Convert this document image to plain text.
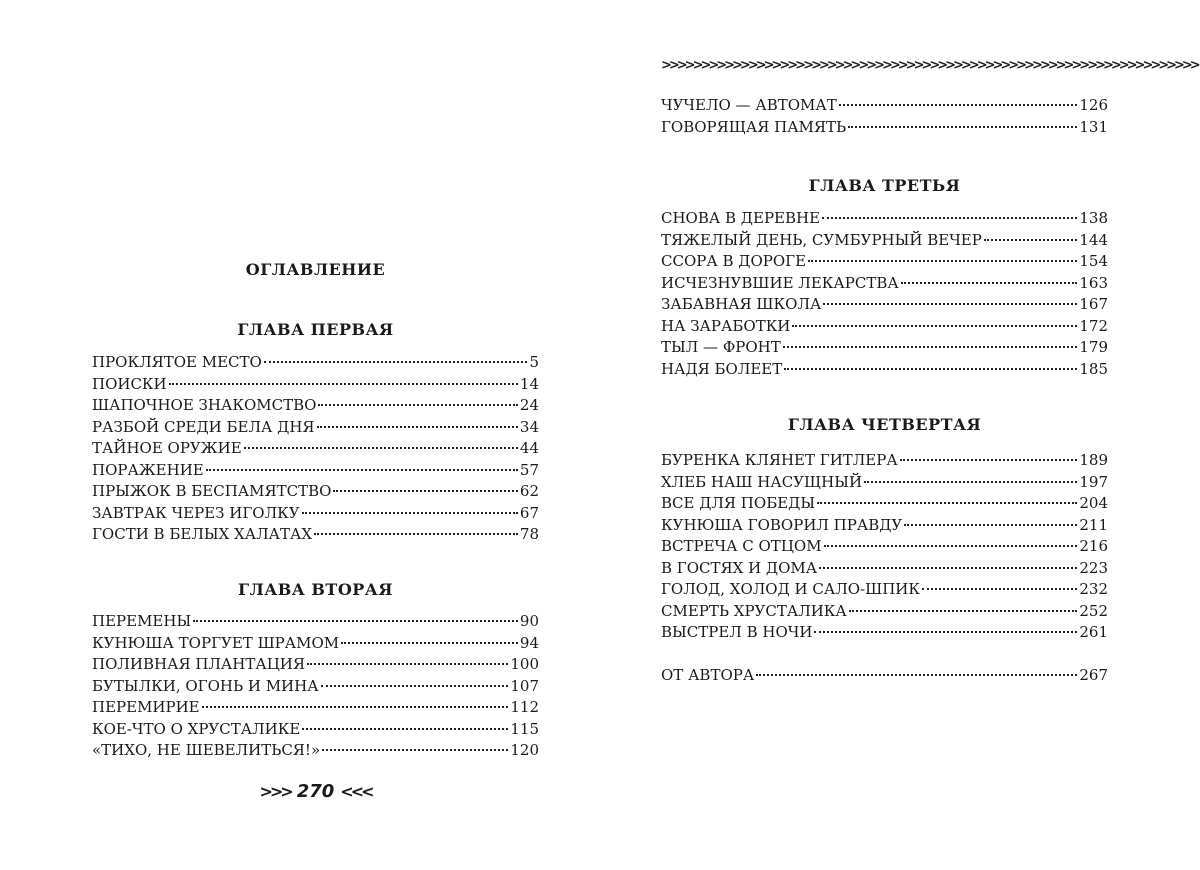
ОГЛАВЛЕНИЕ
ГЛАВА ПЕРВАЯ
ПРОКЛЯТОЕ МЕСТО	5
ПОИСКИ	14
ШАПОЧНОЕ ЗНАКОМСТВО	24
РАЗБОЙ СРЕДИ БЕЛА ДНЯ	34
ТАЙНОЕ ОРУЖИЕ	44
ПОРАЖЕНИЕ	57
ПРЫЖОК В БЕСПАМЯТСТВО	62
ЗАВТРАК ЧЕРЕЗ ИГОЛКУ	67
ГОСТИ В БЕЛЫХ ХАЛАТАХ	78
ГЛАВА ВТОРАЯ
ПЕРЕМЕНЫ	90
КУНЮША ТОРГУЕТ ШРАМОМ	94
ПОЛИВНАЯ ПЛАНТАЦИЯ	100
БУТЫЛКИ, ОГОНЬ И МИНА	107
ПЕРЕМИРИЕ	112
КОЕ-ЧТО О ХРУСТАЛИКЕ	115
«ТИХО, НЕ ШЕВЕЛИТЬСЯ!»	120
>>> 270 <<<
>>>>>>>>>>>>>>>>>>>>>>>>>>>>>>>>>>>>>>>>>>>>>>>>>>>>>>>>>>>>>>>>>>>>
ЧУЧЕЛО — АВТОМАТ	126
ГОВОРЯЩАЯ ПАМЯТЬ	131
ГЛАВА ТРЕТЬЯ
СНОВА В ДЕРЕВНЕ	138
ТЯЖЕЛЫЙ ДЕНЬ, СУМБУРНЫЙ ВЕЧЕР	144
ССОРА В ДОРОГЕ	154
ИСЧЕЗНУВШИЕ ЛЕКАРСТВА	163
ЗАБАВНАЯ ШКОЛА	167
НА ЗАРАБОТКИ	172
ТЫЛ — ФРОНТ	179
НАДЯ БОЛЕЕТ	185
ГЛАВА ЧЕТВЕРТАЯ
БУРЕНКА КЛЯНЕТ ГИТЛЕРА	189
ХЛЕБ НАШ НАСУЩНЫЙ	197
ВСЕ ДЛЯ ПОБЕДЫ	204
КУНЮША ГОВОРИЛ ПРАВДУ	211
ВСТРЕЧА С ОТЦОМ	216
В ГОСТЯХ И ДОМА	223
ГОЛОД, ХОЛОД И САЛО-ШПИК	232
СМЕРТЬ ХРУСТАЛИКА	252
ВЫСТРЕЛ В НОЧИ	261
ОТ АВТОРА	267
